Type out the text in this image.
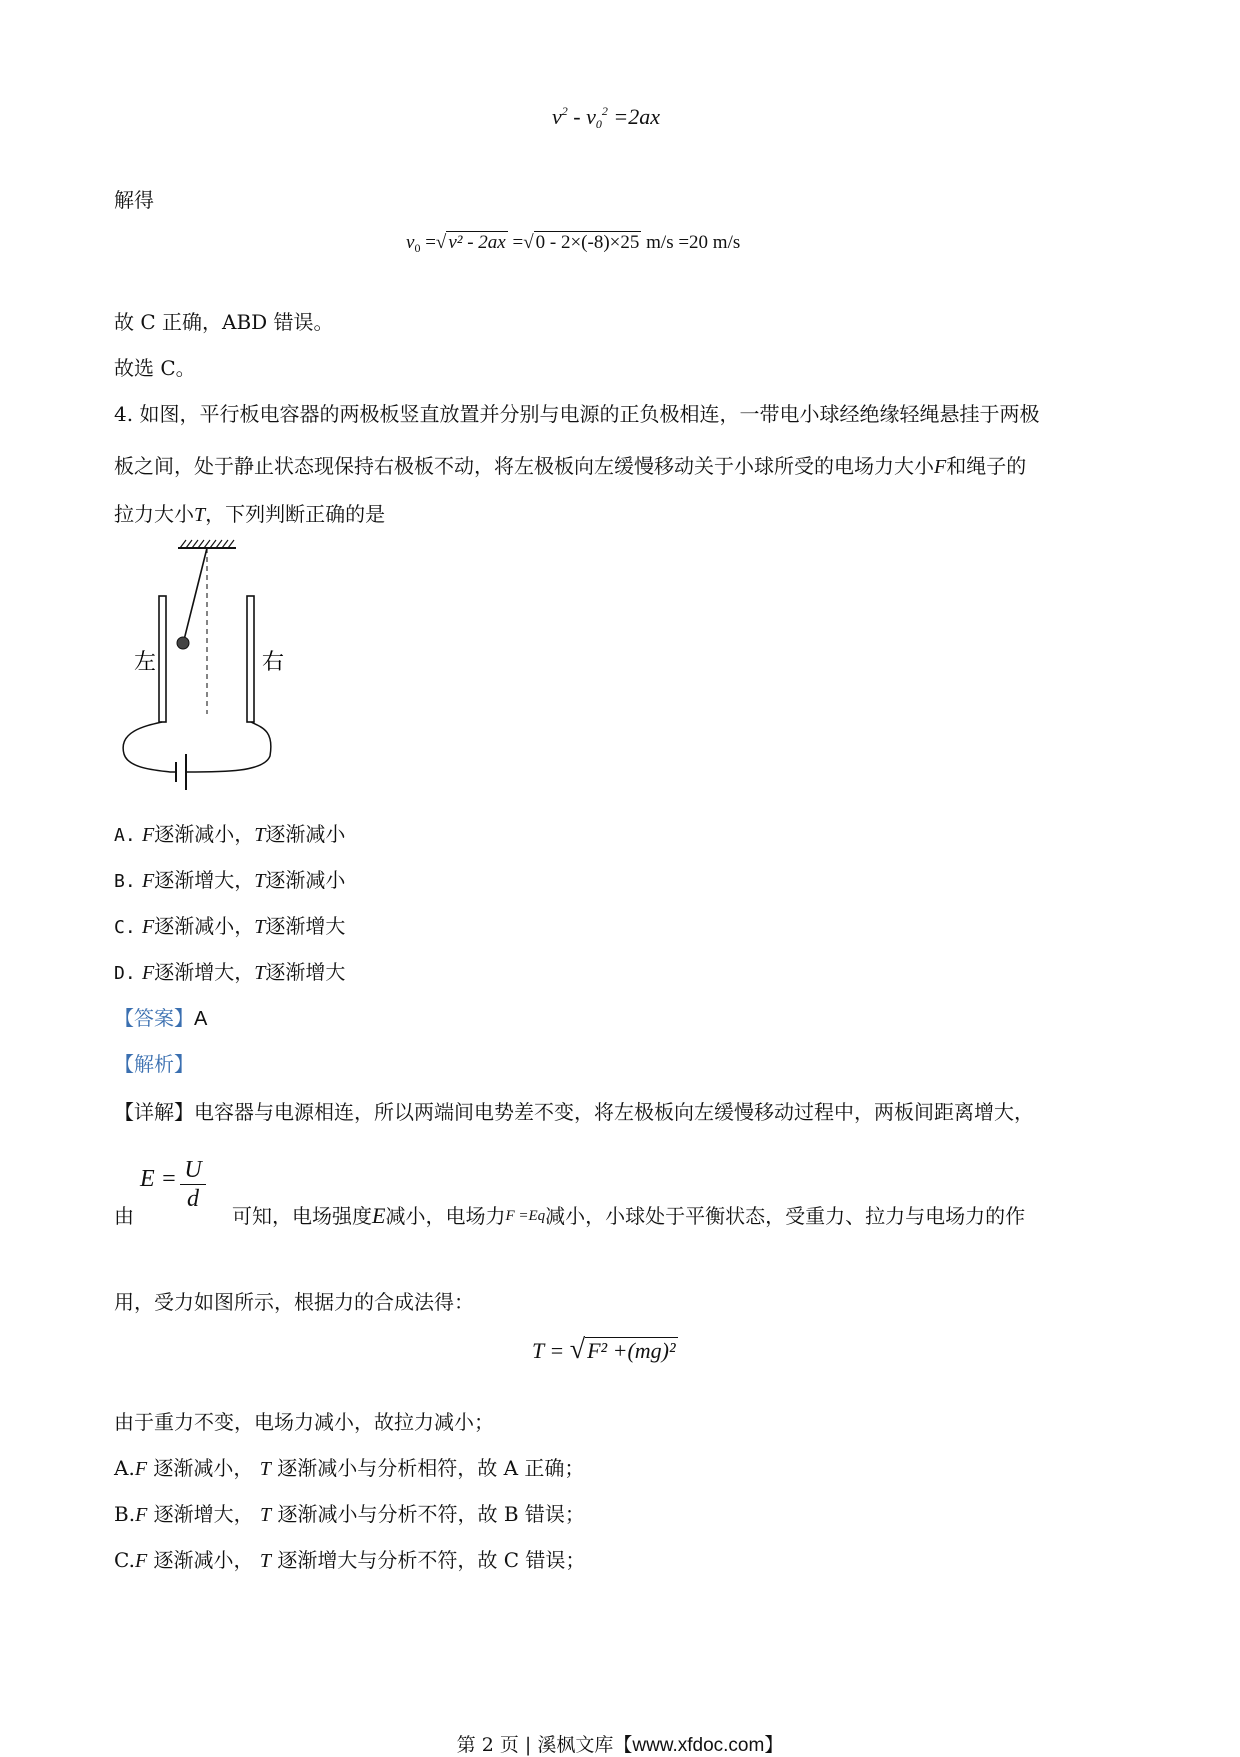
$v^2 - v_0^2 =2ax$
解得
$v_0$ =√ v² - 2ax =√ 0 - 2×(-8)×25 m/s =20 m/s
故 C 正确，ABD 错误。
故选 C。
4. 如图，平行板电容器的两极板竖直放置并分别与电源的正负极相连，一带电小球经绝缘轻绳悬挂于两极
板之间，处于静止状态现保持右极板不动，将左极板向左缓慢移动关于小球所受的电场力大小F和绳子的
拉力大小T，下列判断正确的是
左	右
A. F逐渐减小，T逐渐减小
B. F逐渐增大，T逐渐减小
C. F逐渐减小，T逐渐增大
D. F逐渐增大，T逐渐增大
【答案】A
【解析】
【详解】电容器与电源相连，所以两端间电势差不变，将左极板向左缓慢移动过程中，两板间距离增大，
$E = \frac{U}{d}$
由	可知，电场强度E减小，电场力F =Eq减小，小球处于平衡状态，受重力、拉力与电场力的作
用，受力如图所示，根据力的合成法得：
T = √F² +(mg)²
由于重力不变，电场力减小，故拉力减小；
A.F 逐渐减小， T 逐渐减小与分析相符，故 A 正确；
B.F 逐渐增大， T 逐渐减小与分析不符，故 B 错误；
C.F 逐渐减小， T 逐渐增大与分析不符，故 C 错误；
第 2 页 | 溪枫文库【www.xfdoc.com】
